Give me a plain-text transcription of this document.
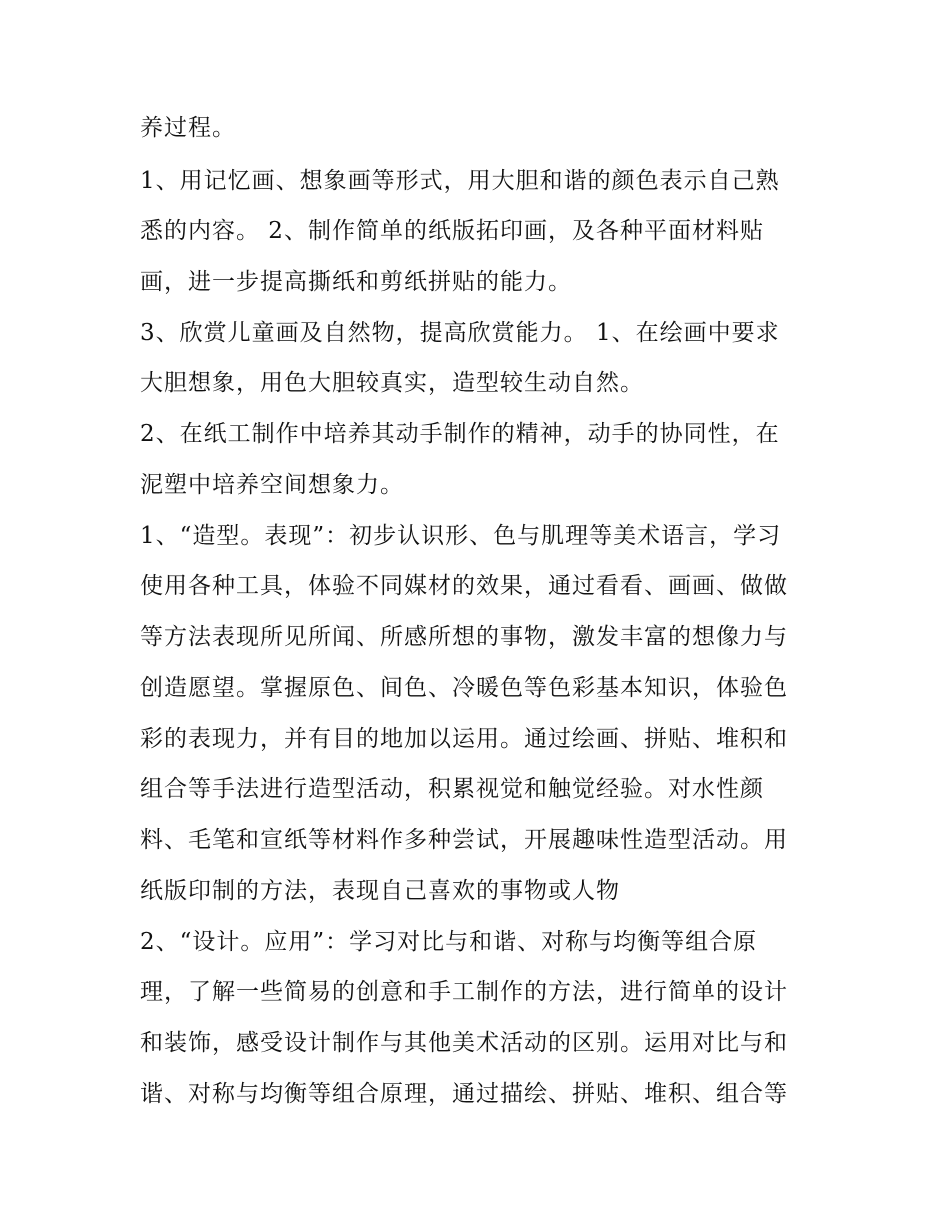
养过程。
1、用记忆画、想象画等形式，用大胆和谐的颜色表示自己熟
悉的内容。 2、制作简单的纸版拓印画，及各种平面材料贴
画，进一步提高撕纸和剪纸拼贴的能力。
3、欣赏儿童画及自然物，提高欣赏能力。 1、在绘画中要求
大胆想象，用色大胆较真实，造型较生动自然。
2、在纸工制作中培养其动手制作的精神，动手的协同性，在
泥塑中培养空间想象力。
1、“造型。表现”：初步认识形、色与肌理等美术语言，学习
使用各种工具，体验不同媒材的效果，通过看看、画画、做做
等方法表现所见所闻、所感所想的事物，激发丰富的想像力与
创造愿望。掌握原色、间色、冷暖色等色彩基本知识，体验色
彩的表现力，并有目的地加以运用。通过绘画、拼贴、堆积和
组合等手法进行造型活动，积累视觉和触觉经验。对水性颜
料、毛笔和宣纸等材料作多种尝试，开展趣味性造型活动。用
纸版印制的方法，表现自己喜欢的事物或人物
2、“设计。应用”：学习对比与和谐、对称与均衡等组合原
理，了解一些简易的创意和手工制作的方法，进行简单的设计
和装饰，感受设计制作与其他美术活动的区别。运用对比与和
谐、对称与均衡等组合原理，通过描绘、拼贴、堆积、组合等
